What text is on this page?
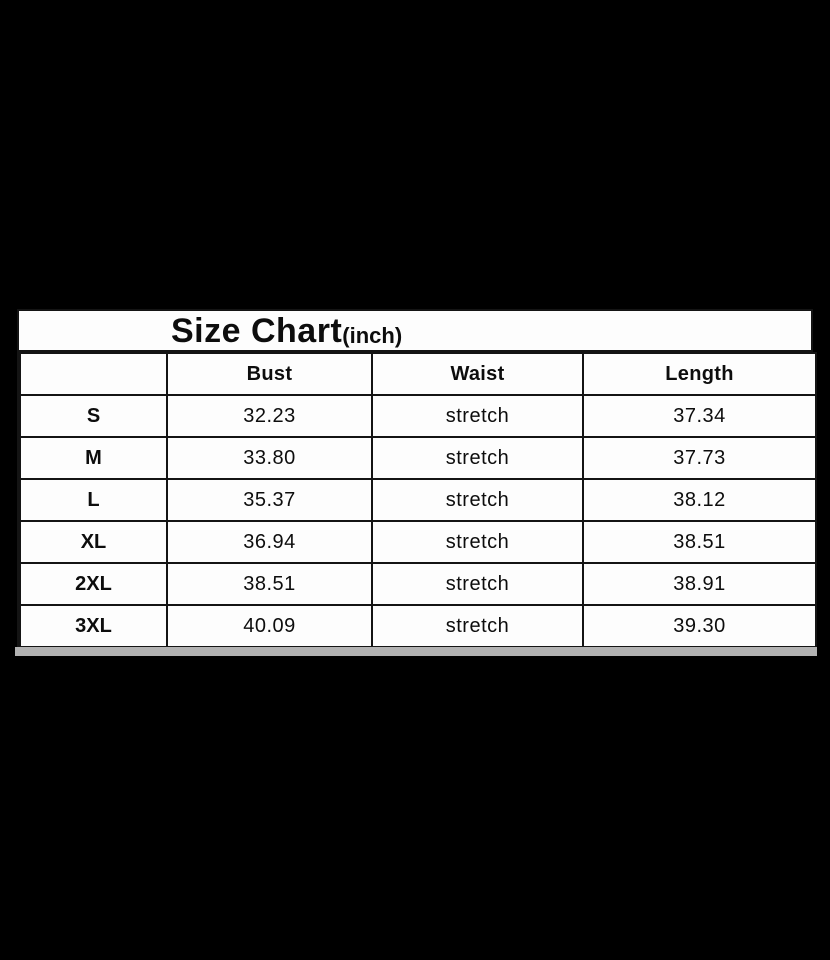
Size Chart (inch)
	Bust	Waist	Length
S	32.23	stretch	37.34
M	33.80	stretch	37.73
L	35.37	stretch	38.12
XL	36.94	stretch	38.51
2XL	38.51	stretch	38.91
3XL	40.09	stretch	39.30
